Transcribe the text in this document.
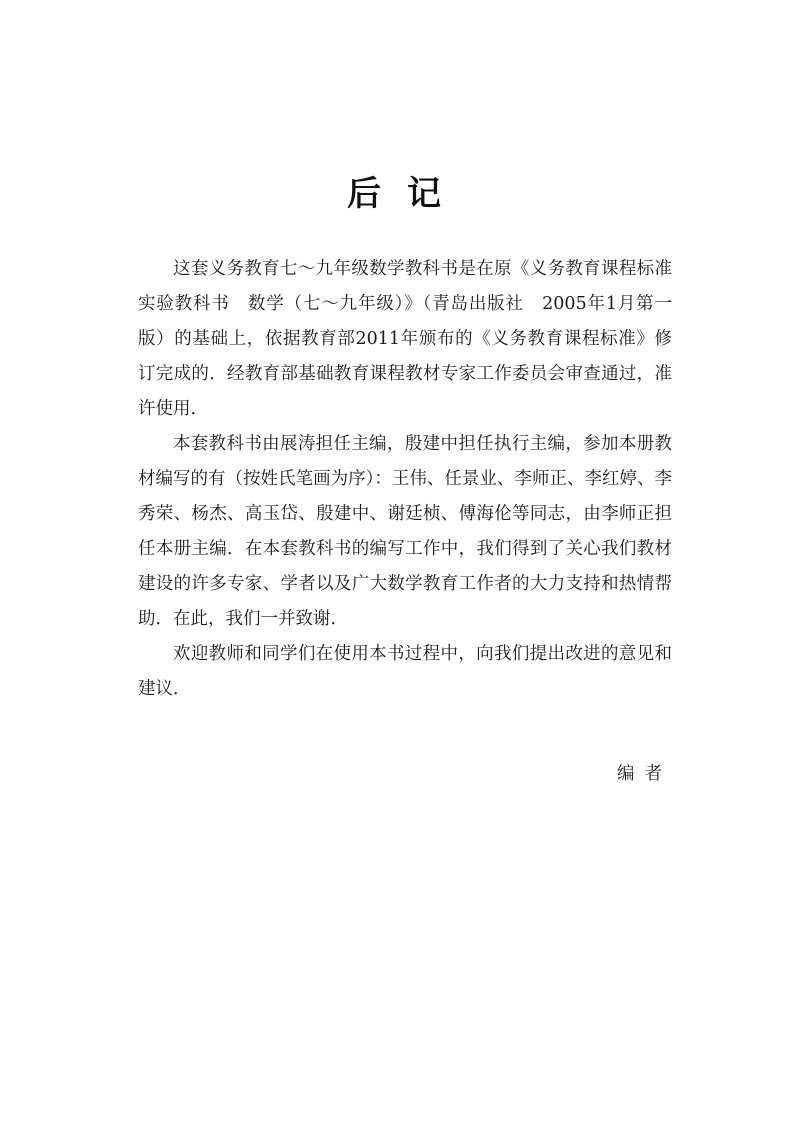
后记

这套义务教育七～九年级数学教科书是在原《义务教育课程标准实验教科书　数学（七～九年级）》（青岛出版社　2005年1月第一版）的基础上，依据教育部2011年颁布的《义务教育课程标准》修订完成的．经教育部基础教育课程教材专家工作委员会审查通过，准许使用．

本套教科书由展涛担任主编，殷建中担任执行主编，参加本册教材编写的有（按姓氏笔画为序）：王伟、任景业、李师正、李红婷、李秀荣、杨杰、高玉岱、殷建中、谢廷桢、傅海伦等同志，由李师正担任本册主编．在本套教科书的编写工作中，我们得到了关心我们教材建设的许多专家、学者以及广大数学教育工作者的大力支持和热情帮助．在此，我们一并致谢．

欢迎教师和同学们在使用本书过程中，向我们提出改进的意见和建议．

编者
